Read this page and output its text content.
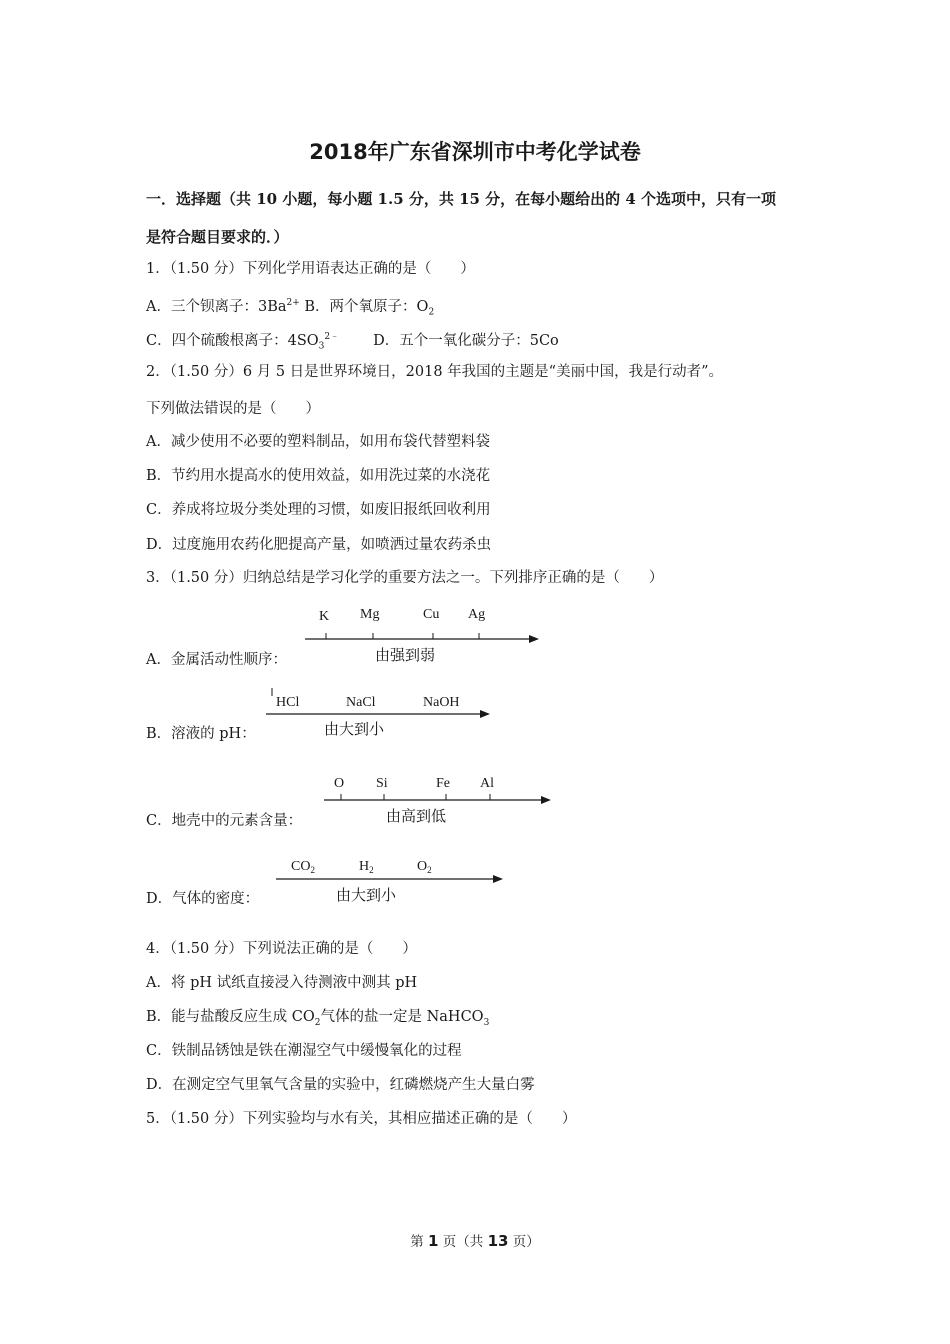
2018年广东省深圳市中考化学试卷
一．选择题（共 10 小题，每小题 1.5 分，共 15 分，在每小题给出的 4 个选项中，只有一项
是符合题目要求的．）
1．（1.50 分）下列化学用语表达正确的是（　　）
A．三个钡离子：$3Ba^{2+}$ B．两个氧原子：$O_2$
C．四个硫酸根离子：$4SO_3^{2﹣}$ D．五个一氧化碳分子：5Co
2．（1.50 分）6 月 5 日是世界环境日，2018 年我国的主题是“美丽中国，我是行动者”。
下列做法错误的是（　　）
A．减少使用不必要的塑料制品，如用布袋代替塑料袋
B．节约用水提高水的使用效益，如用洗过菜的水浇花
C．养成将垃圾分类处理的习惯，如废旧报纸回收利用
D．过度施用农药化肥提高产量，如喷洒过量农药杀虫
3．（1.50 分）归纳总结是学习化学的重要方法之一。下列排序正确的是（　　）
A．金属活动性顺序：
K Mg	Cu Ag
由强到弱
B．溶液的 pH：
HCl	NaCl	NaOH
由大到小
C．地壳中的元素含量：
O Si	Fe Al
由高到低
D．气体的密度：
$CO_2$	$H_2$	$O_2$
由大到小
4．（1.50 分）下列说法正确的是（　　）
A．将 pH 试纸直接浸入待测液中测其 pH
B．能与盐酸反应生成 $CO_2$气体的盐一定是 NaHCO$_3$
C．铁制品锈蚀是铁在潮湿空气中缓慢氧化的过程
D．在测定空气里氧气含量的实验中，红磷燃烧产生大量白雾
5．（1.50 分）下列实验均与水有关，其相应描述正确的是（　　）
第 1 页（共 13 页）
